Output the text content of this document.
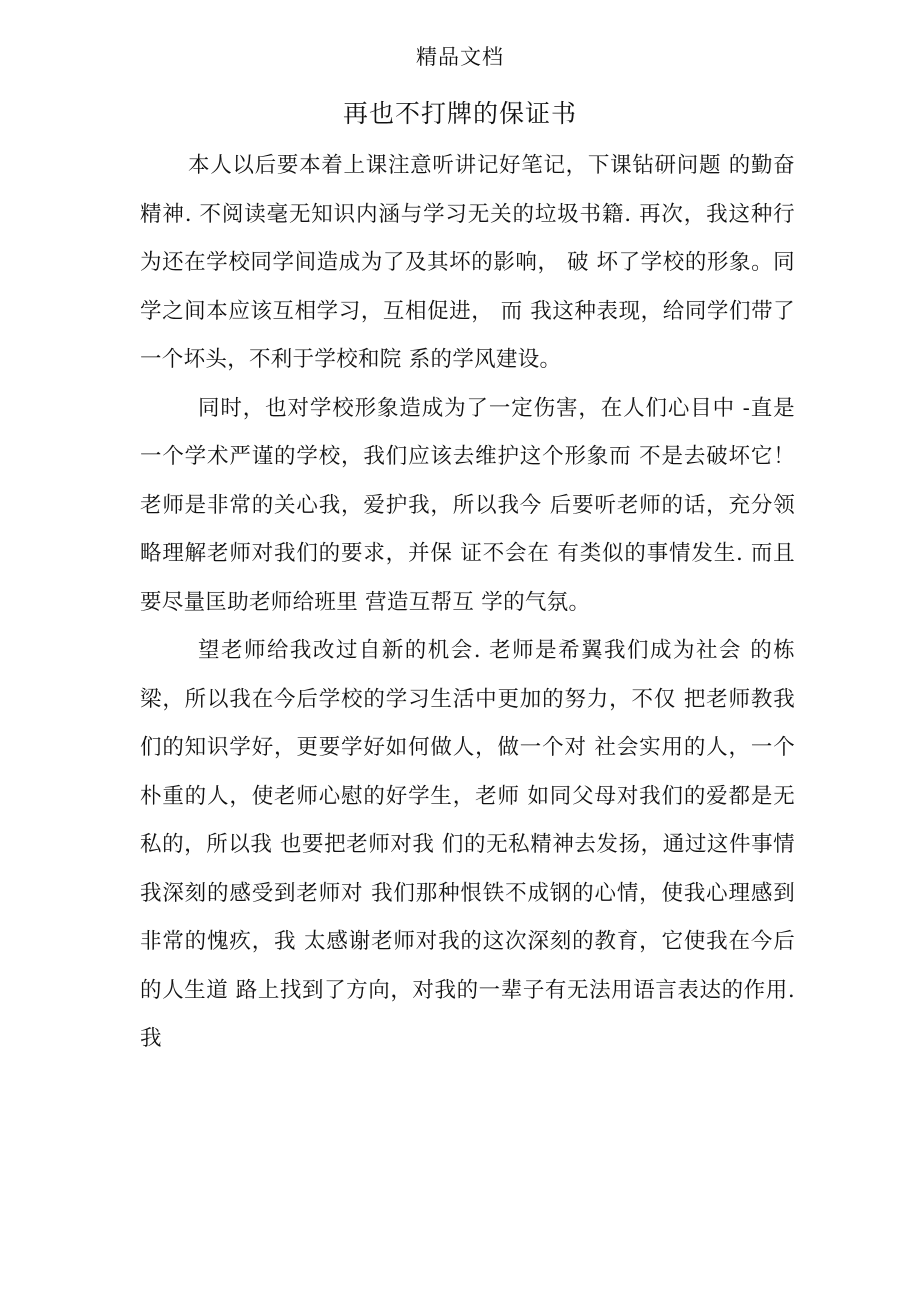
精品文档
再也不打牌的保证书

本人以后要本着上课注意听讲记好笔记，下课钻研问题 的勤奋精神. 不阅读毫无知识内涵与学习无关的垃圾书籍. 再次，我这种行为还在学校同学间造成为了及其坏的影响， 破 坏了学校的形象。同学之间本应该互相学习，互相促进， 而 我这种表现，给同学们带了一个坏头，不利于学校和院 系的学风建设。

同时，也对学校形象造成为了一定伤害，在人们心目中 -直是一个学术严谨的学校，我们应该去维护这个形象而 不是去破坏它！老师是非常的关心我，爱护我，所以我今 后要听老师的话，充分领略理解老师对我们的要求，并保 证不会在 有类似的事情发生. 而且要尽量匡助老师给班里 营造互帮互 学的气氛。

望老师给我改过自新的机会. 老师是希翼我们成为社会 的栋梁，所以我在今后学校的学习生活中更加的努力，不仅 把老师教我们的知识学好，更要学好如何做人，做一个对 社会实用的人，一个朴重的人，使老师心慰的好学生，老师 如同父母对我们的爱都是无私的，所以我 也要把老师对我 们的无私精神去发扬，通过这件事情我深刻的感受到老师对 我们那种恨铁不成钢的心情，使我心理感到非常的愧疚，我 太感谢老师对我的这次深刻的教育，它使我在今后的人生道 路上找到了方向，对我的一辈子有无法用语言表达的作用. 我
